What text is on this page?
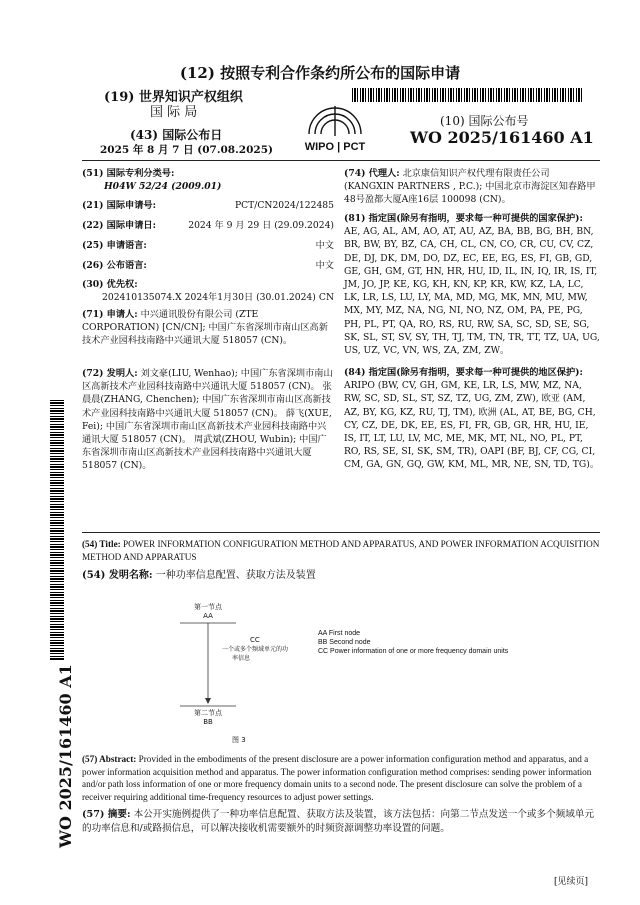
(12) 按照专利合作条约所公布的国际申请
(19) 世界知识产权组织
国 际 局
(43) 国际公布日
2025 年 8 月 7 日 (07.08.2025)	WIPO | PCT
(10) 国际公布号
WO 2025/161460 A1
WO 2025/161460 A1
(51) 国际专利分类号:
H04W 52/24 (2009.01)
(21) 国际申请号:	PCT/CN2024/122485
(22) 国际申请日:	2024 年 9 月 29 日 (29.09.2024)
(25) 申请语言:	中文
(26) 公布语言:	中文
(30) 优先权:
202410135074.X 2024年1月30日 (30.01.2024) CN
(71) 申请人: 中兴通讯股份有限公司 (ZTE CORPORATION) [CN/CN]; 中国广东省深圳市南山区高新技术产业园科技南路中兴通讯大厦 518057 (CN)。
(72) 发明人: 刘文豪(LIU, Wenhao); 中国广东省深圳市南山区高新技术产业园科技南路中兴通讯大厦 518057 (CN)。 张晨晨(ZHANG, Chenchen); 中国广东省深圳市南山区高新技术产业园科技南路中兴通讯大厦 518057 (CN)。 薛飞(XUE, Fei); 中国广东省深圳市南山区高新技术产业园科技南路中兴通讯大厦 518057 (CN)。 周武斌(ZHOU, Wubin); 中国广东省深圳市南山区高新技术产业园科技南路中兴通讯大厦 518057 (CN)。
(74) 代理人: 北京康信知识产权代理有限责任公司 (KANGXIN PARTNERS , P.C.); 中国北京市海淀区知春路甲48号盈都大厦A座16层 100098 (CN)。
(81) 指定国(除另有指明，要求每一种可提供的国家保护): AE, AG, AL, AM, AO, AT, AU, AZ, BA, BB, BG, BH, BN, BR, BW, BY, BZ, CA, CH, CL, CN, CO, CR, CU, CV, CZ, DE, DJ, DK, DM, DO, DZ, EC, EE, EG, ES, FI, GB, GD, GE, GH, GM, GT, HN, HR, HU, ID, IL, IN, IQ, IR, IS, IT, JM, JO, JP, KE, KG, KH, KN, KP, KR, KW, KZ, LA, LC, LK, LR, LS, LU, LY, MA, MD, MG, MK, MN, MU, MW, MX, MY, MZ, NA, NG, NI, NO, NZ, OM, PA, PE, PG, PH, PL, PT, QA, RO, RS, RU, RW, SA, SC, SD, SE, SG, SK, SL, ST, SV, SY, TH, TJ, TM, TN, TR, TT, TZ, UA, UG, US, UZ, VC, VN, WS, ZA, ZM, ZW。
(84) 指定国(除另有指明，要求每一种可提供的地区保护): ARIPO (BW, CV, GH, GM, KE, LR, LS, MW, MZ, NA, RW, SC, SD, SL, ST, SZ, TZ, UG, ZM, ZW), 欧亚 (AM, AZ, BY, KG, KZ, RU, TJ, TM), 欧洲 (AL, AT, BE, BG, CH, CY, CZ, DE, DK, EE, ES, FI, FR, GB, GR, HR, HU, IE, IS, IT, LT, LU, LV, MC, ME, MK, MT, NL, NO, PL, PT, RO, RS, SE, SI, SK, SM, TR), OAPI (BF, BJ, CF, CG, CI, CM, GA, GN, GQ, GW, KM, ML, MR, NE, SN, TD, TG)。
(54) Title: POWER INFORMATION CONFIGURATION METHOD AND APPARATUS, AND POWER INFORMATION ACQUISITION METHOD AND APPARATUS
(54) 发明名称: 一种功率信息配置、获取方法及装置
第一节点
AA
CC
一个或多个频域单元的功
率信息
第二节点
BB
图 3
AA First node
BB Second node
CC Power information of one or more frequency domain units
(57) Abstract: Provided in the embodiments of the present disclosure are a power information configuration method and apparatus, and a power information acquisition method and apparatus. The power information configuration method comprises: sending power information and/or path loss information of one or more frequency domain units to a second node. The present disclosure can solve the problem of a receiver requiring additional time-frequency resources to adjust power settings.
(57) 摘要: 本公开实施例提供了一种功率信息配置、获取方法及装置，该方法包括：向第二节点发送一个或多个频域单元的功率信息和/或路损信息，可以解决接收机需要额外的时频资源调整功率设置的问题。
[见续页]
